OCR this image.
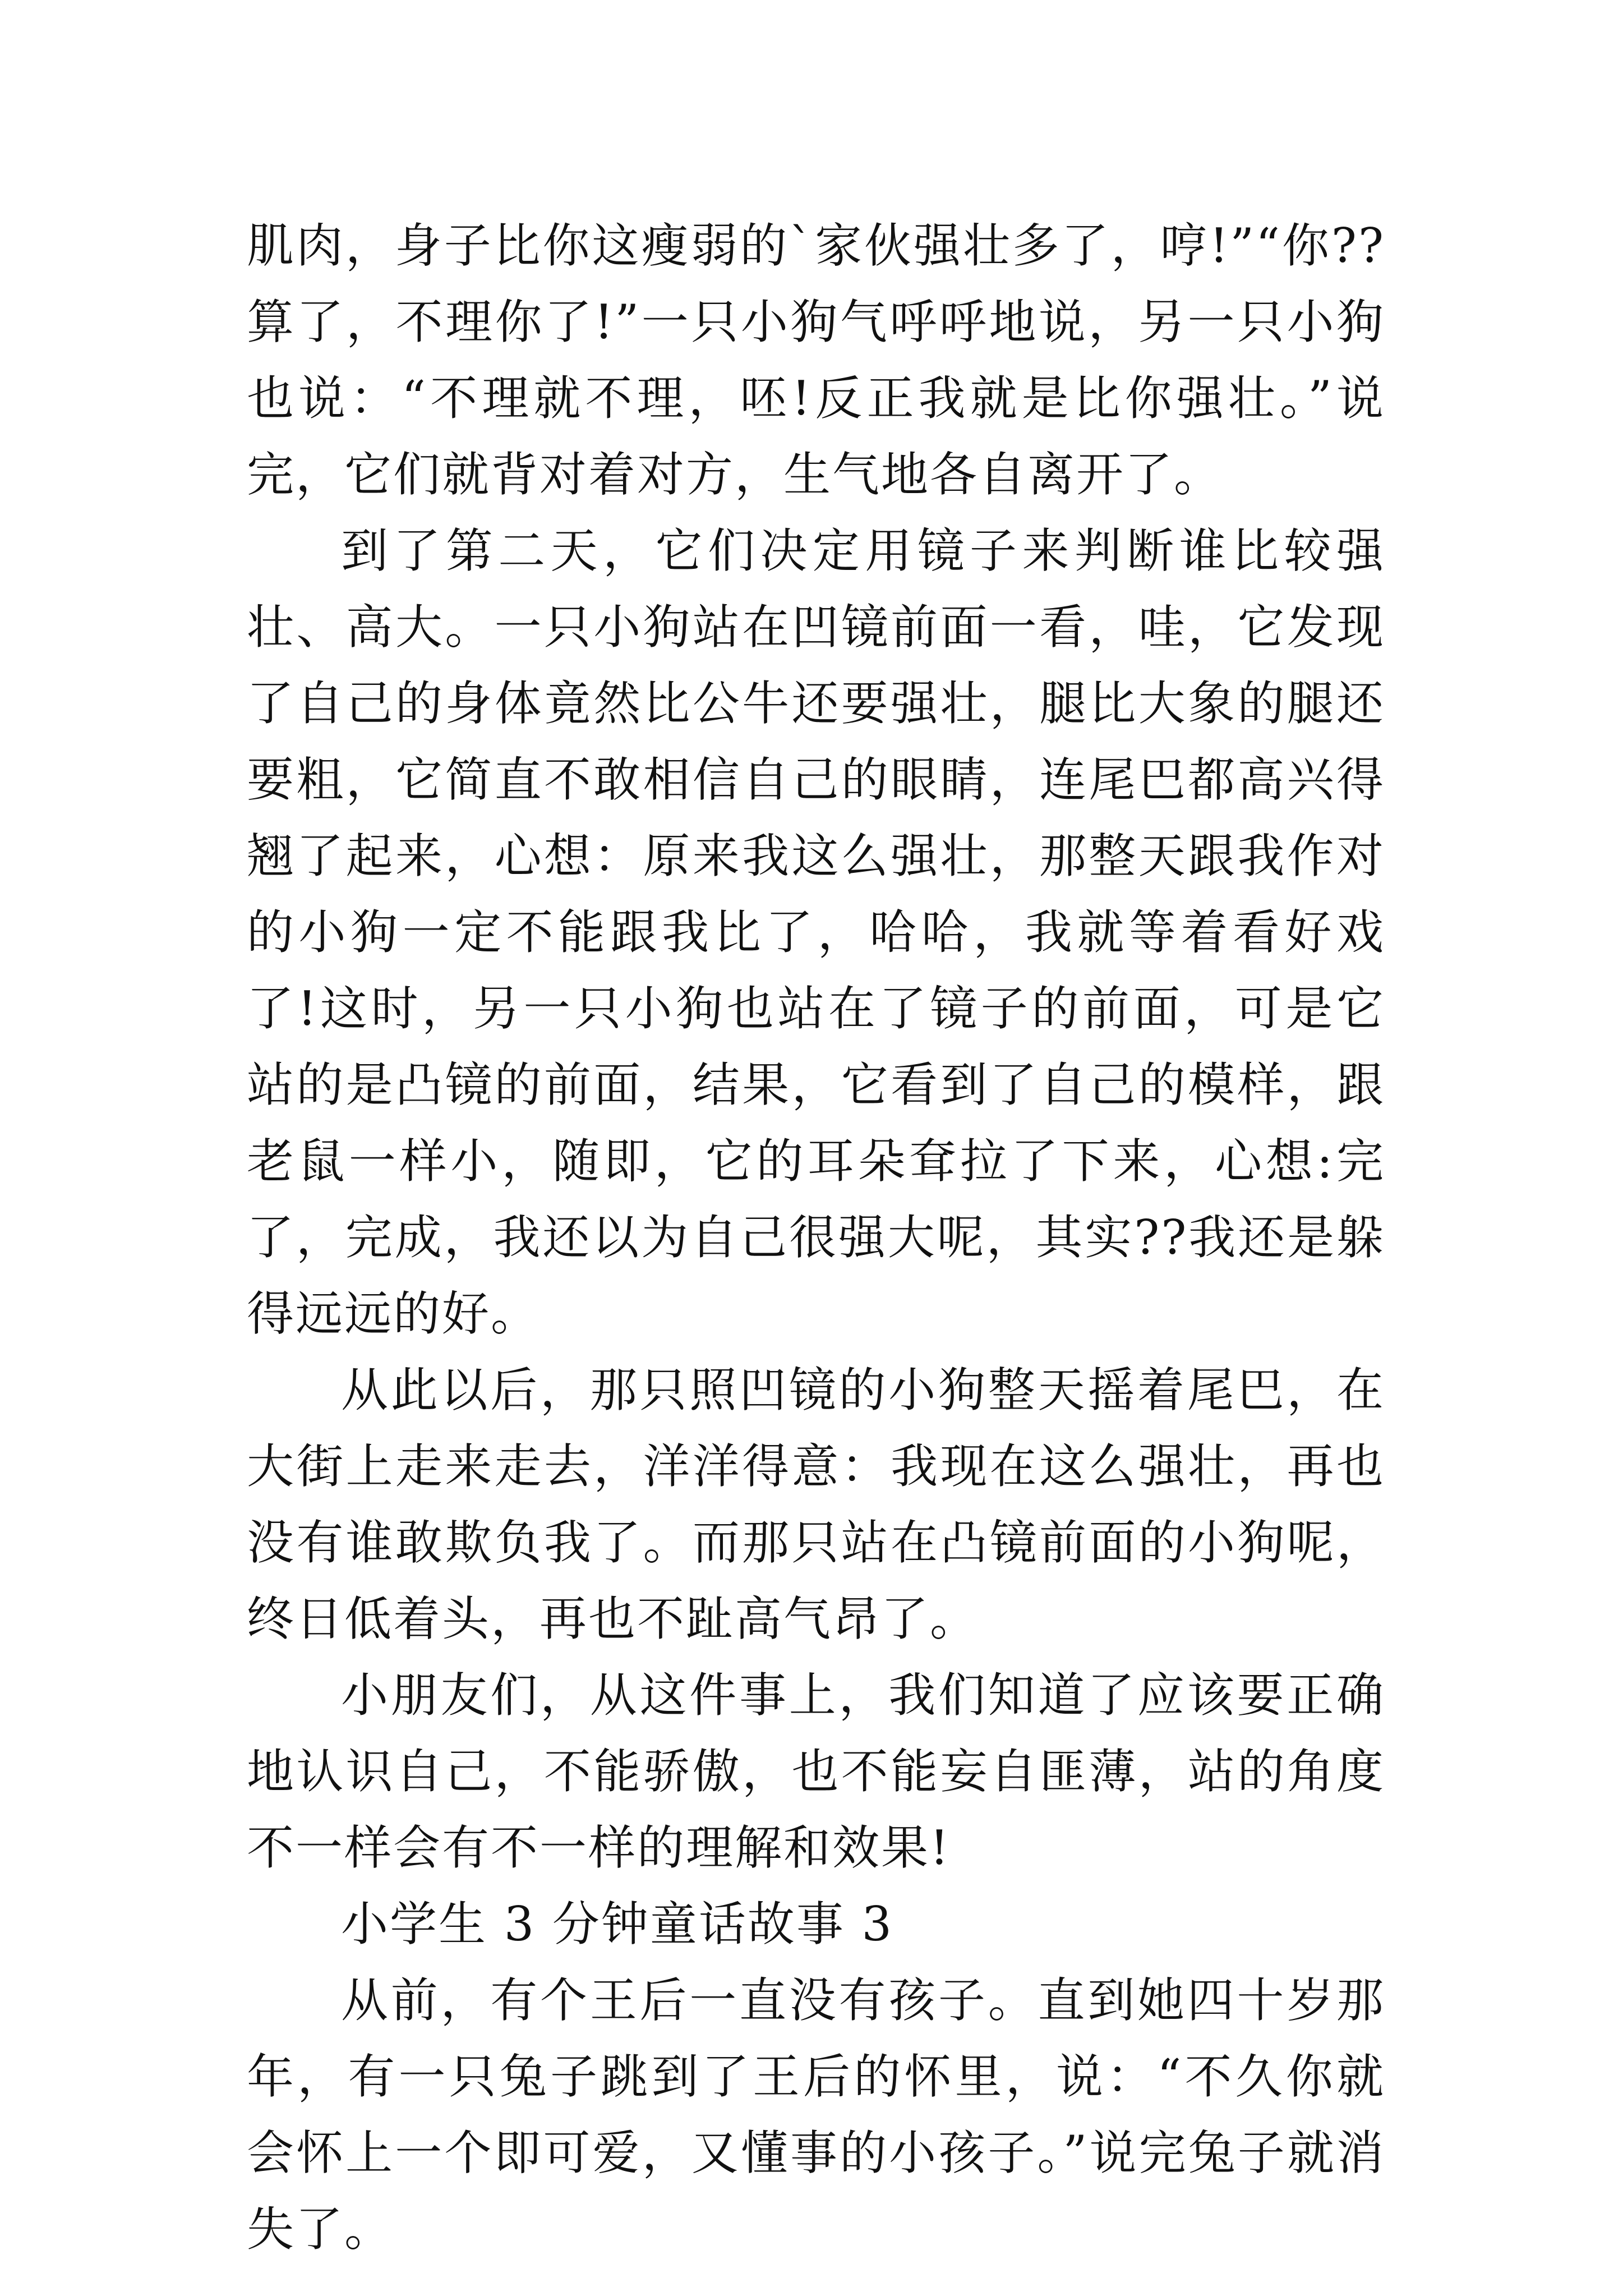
肌肉，身子比你这瘦弱的`家伙强壮多了，哼!”“你??算了，不理你了!”一只小狗气呼呼地说，另一只小狗也说：“不理就不理，呸!反正我就是比你强壮。”说完，它们就背对着对方，生气地各自离开了。

到了第二天，它们决定用镜子来判断谁比较强壮、高大。一只小狗站在凹镜前面一看，哇，它发现了自己的身体竟然比公牛还要强壮，腿比大象的腿还要粗，它简直不敢相信自己的眼睛，连尾巴都高兴得翘了起来，心想：原来我这么强壮，那整天跟我作对的小狗一定不能跟我比了，哈哈，我就等着看好戏了!这时，另一只小狗也站在了镜子的前面，可是它站的是凸镜的前面，结果，它看到了自己的模样，跟老鼠一样小，随即，它的耳朵耷拉了下来，心想:完了，完成，我还以为自己很强大呢，其实??我还是躲得远远的好。

从此以后，那只照凹镜的小狗整天摇着尾巴，在大街上走来走去，洋洋得意：我现在这么强壮，再也没有谁敢欺负我了。而那只站在凸镜前面的小狗呢，终日低着头，再也不趾高气昂了。

小朋友们，从这件事上，我们知道了应该要正确地认识自己，不能骄傲，也不能妄自匪薄，站的角度不一样会有不一样的理解和效果!

小学生 3 分钟童话故事 3

从前，有个王后一直没有孩子。直到她四十岁那年，有一只兔子跳到了王后的怀里，说：“不久你就会怀上一个即可爱，又懂事的小孩子。”说完兔子就消失了。
